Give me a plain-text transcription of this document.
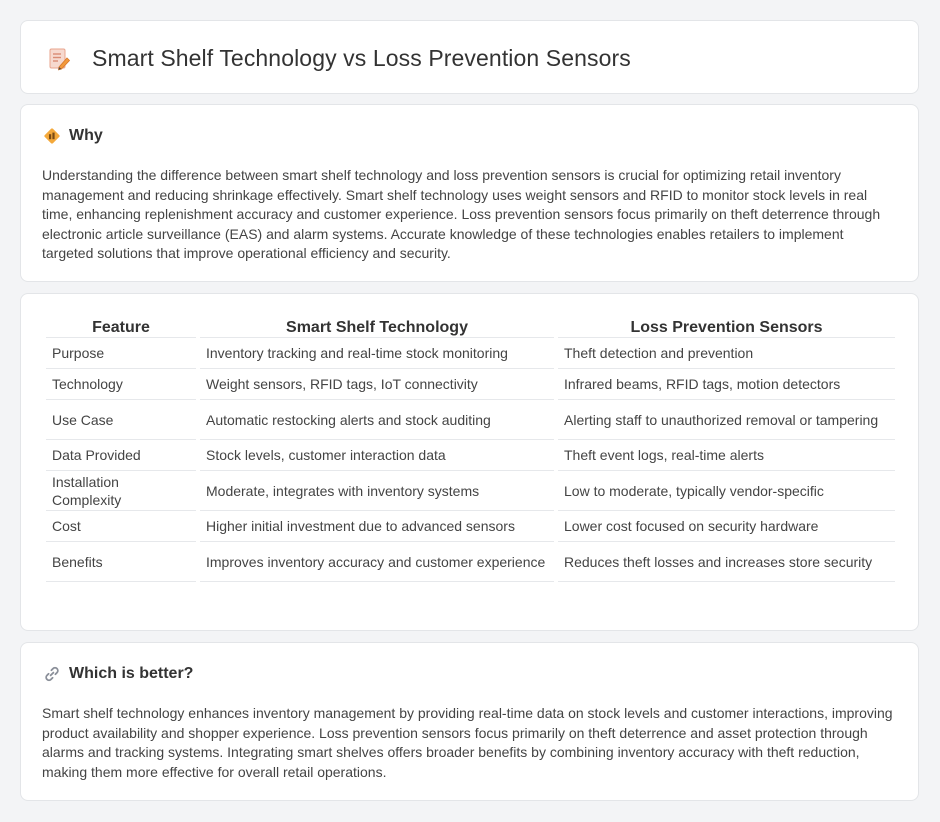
Smart Shelf Technology vs Loss Prevention Sensors
Why

Understanding the difference between smart shelf technology and loss prevention sensors is crucial for optimizing retail inventory management and reducing shrinkage effectively. Smart shelf technology uses weight sensors and RFID to monitor stock levels in real time, enhancing replenishment accuracy and customer experience. Loss prevention sensors focus primarily on theft deterrence through electronic article surveillance (EAS) and alarm systems. Accurate knowledge of these technologies enables retailers to implement targeted solutions that improve operational efficiency and security.

Feature	Smart Shelf Technology	Loss Prevention Sensors
Purpose	Inventory tracking and real-time stock monitoring	Theft detection and prevention
Technology	Weight sensors, RFID tags, IoT connectivity	Infrared beams, RFID tags, motion detectors
Use Case	Automatic restocking alerts and stock auditing	Alerting staff to unauthorized removal or tampering
Data Provided	Stock levels, customer interaction data	Theft event logs, real-time alerts
Installation Complexity	Moderate, integrates with inventory systems	Low to moderate, typically vendor-specific
Cost	Higher initial investment due to advanced sensors	Lower cost focused on security hardware
Benefits	Improves inventory accuracy and customer experience	Reduces theft losses and increases store security
Which is better?

Smart shelf technology enhances inventory management by providing real-time data on stock levels and customer interactions, improving product availability and shopper experience. Loss prevention sensors focus primarily on theft deterrence and asset protection through alarms and tracking systems. Integrating smart shelves offers broader benefits by combining inventory accuracy with theft reduction, making them more effective for overall retail operations.
